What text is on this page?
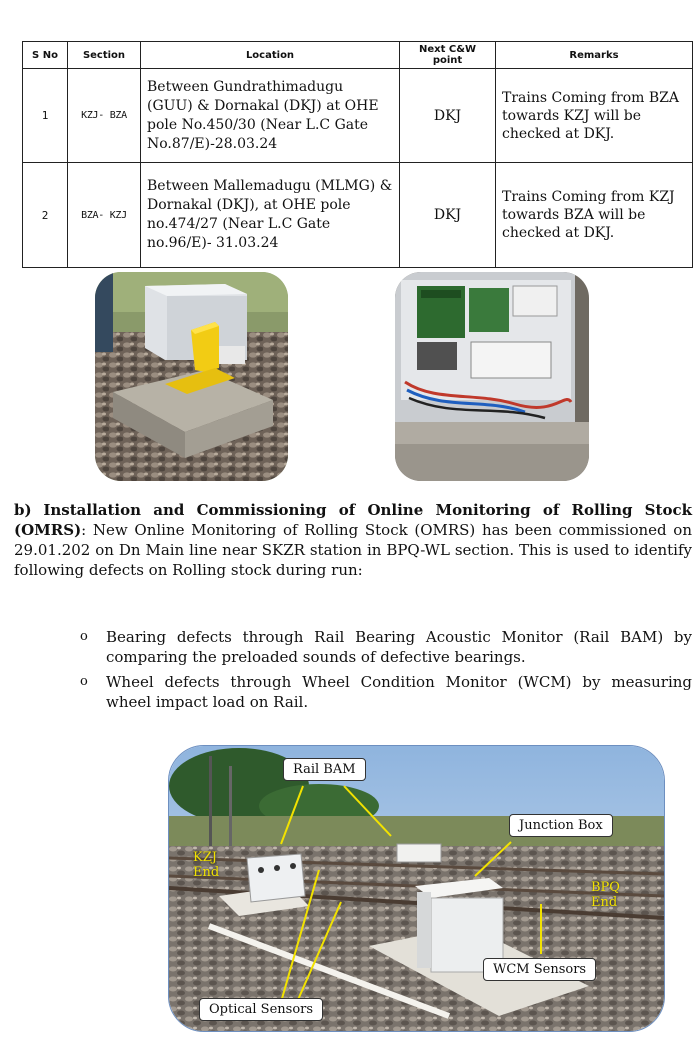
S No	Section	Location	Next C&W point	Remarks
1	KZJ- BZA	Between Gundrathimadugu (GUU) & Dornakal (DKJ) at OHE pole No.450/30 (Near L.C Gate No.87/E)-28.03.24	DKJ	Trains Coming from BZA towards KZJ will be checked at DKJ.
2	BZA- KZJ	Between Mallemadugu (MLMG) & Dornakal (DKJ), at OHE pole no.474/27 (Near L.C Gate no.96/E)- 31.03.24	DKJ	Trains Coming from KZJ towards BZA will be checked at DKJ.
b) Installation and Commissioning of Online Monitoring of Rolling Stock (OMRS): New Online Monitoring of Rolling Stock (OMRS) has been commissioned on 29.01.202 on Dn Main line near SKZR station in BPQ-WL section. This is used to identify following defects on Rolling stock during run:
o Bearing defects through Rail Bearing Acoustic Monitor (Rail BAM) by comparing the preloaded sounds of defective bearings.
o Wheel defects through Wheel Condition Monitor (WCM) by measuring wheel impact load on Rail.
Rail BAM
Junction Box
KZJ End
BPQ End
WCM Sensors
Optical Sensors
